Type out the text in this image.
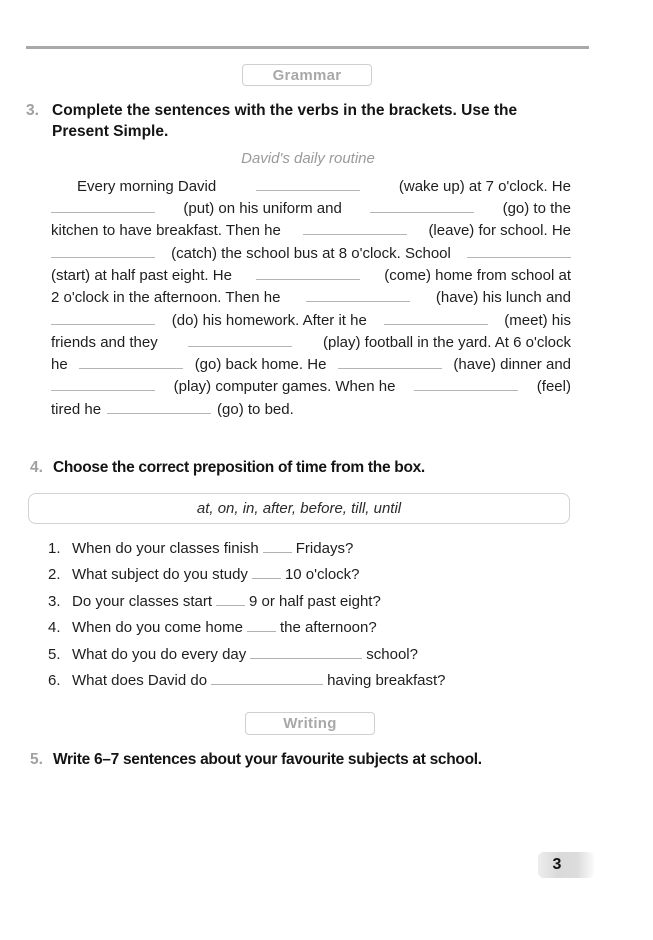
Grammar
3. Complete the sentences with the verbs in the brackets. Use the
Present Simple.
David's daily routine
Every morning David	(wake up) at 7 o'clock. He
(put) on his uniform and	(go) to the
kitchen to have breakfast. Then he	(leave) for school. He
(catch) the school bus at 8 o'clock. School
(start) at half past eight. He	(come) home from school at
2 o'clock in the afternoon. Then he	(have) his lunch and
(do) his homework. After it he	(meet) his
friends and they	(play) football in the yard. At 6 o'clock
he	(go) back home. He	(have) dinner and
(play) computer games. When he	(feel)
tired he	(go) to bed.
4. Choose the correct preposition of time from the box.
at, on, in, after, before, till, until
1. When do your classes finish Fridays?
2. What subject do you study 10 o'clock?
3. Do your classes start 9 or half past eight?
4. When do you come home the afternoon?
5. What do you do every day	school?
6. What does David do	having breakfast?
Writing
5. Write 6–7 sentences about your favourite subjects at school.
3
